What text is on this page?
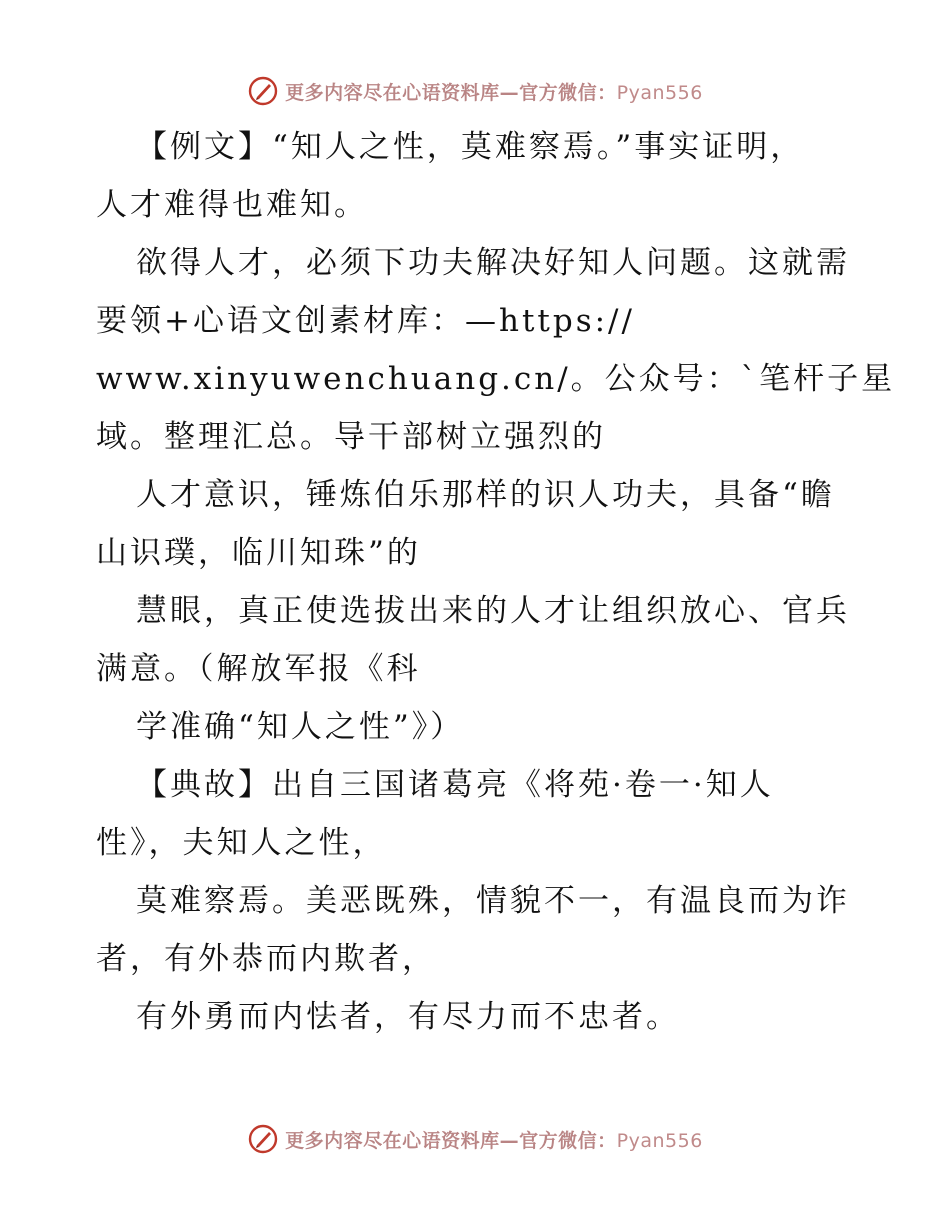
更多内容尽在心语资料库—官方微信：Pyan556
【例文】“知人之性，莫难察焉。”事实证明，
人才难得也难知。
欲得人才，必须下功夫解决好知人问题。这就需
要领+心语文创素材库：—https://
www.xinyuwenchuang.cn/。公众号：`笔杆子星
域。整理汇总。导干部树立强烈的
人才意识，锤炼伯乐那样的识人功夫，具备“瞻
山识璞，临川知珠”的
慧眼，真正使选拔出来的人才让组织放心、官兵
满意。（解放军报《科
学准确“知人之性”》）
【典故】出自三国诸葛亮《将苑·卷一·知人
性》，夫知人之性，
莫难察焉。美恶既殊，情貌不一，有温良而为诈
者，有外恭而内欺者，
有外勇而内怯者，有尽力而不忠者。
更多内容尽在心语资料库—官方微信：Pyan556
